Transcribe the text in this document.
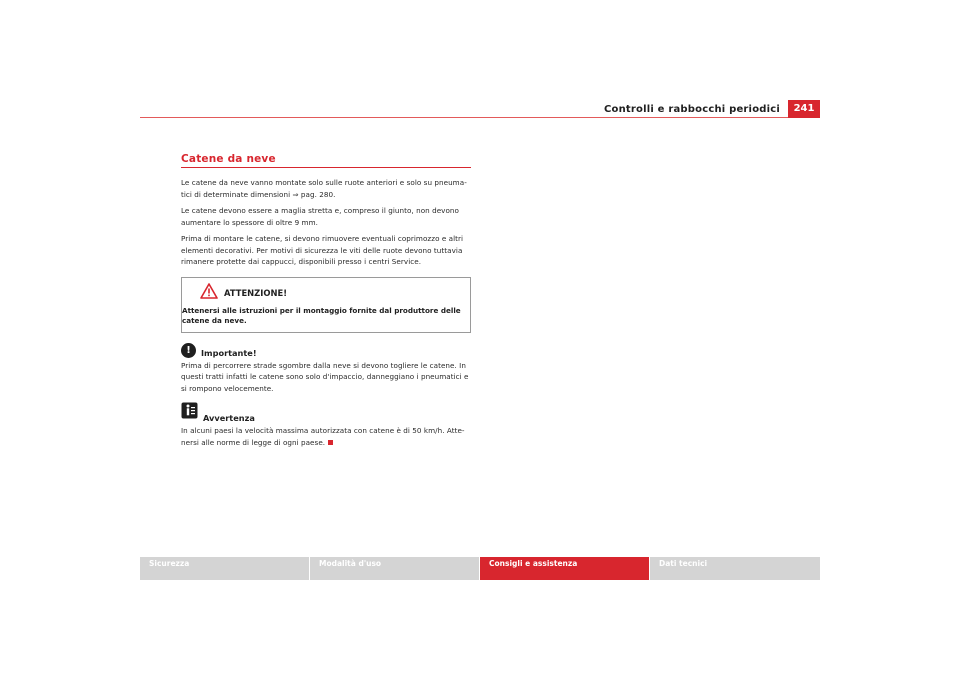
Controlli e rabbocchi periodici	241
Catene da neve

Le catene da neve vanno montate solo sulle ruote anteriori e solo su pneuma-tici di determinate dimensioni ⇒ pag. 280.

Le catene devono essere a maglia stretta e, compreso il giunto, non devono aumentare lo spessore di oltre 9 mm.

Prima di montare le catene, si devono rimuovere eventuali coprimozzo e altri elementi decorativi. Per motivi di sicurezza le viti delle ruote devono tuttavia rimanere protette dai cappucci, disponibili presso i centri Service.

ATTENZIONE!

Attenersi alle istruzioni per il montaggio fornite dal produttore delle catene da neve.

!	Importante!

Prima di percorrere strade sgombre dalla neve si devono togliere le catene. In questi tratti infatti le catene sono solo d'impaccio, danneggiano i pneumatici e si rompono velocemente.

Avvertenza

In alcuni paesi la velocità massima autorizzata con catene è di 50 km/h. Atte-nersi alle norme di legge di ogni paese.

Sicurezza	Modalità d'uso	Consigli e assistenza	Dati tecnici
